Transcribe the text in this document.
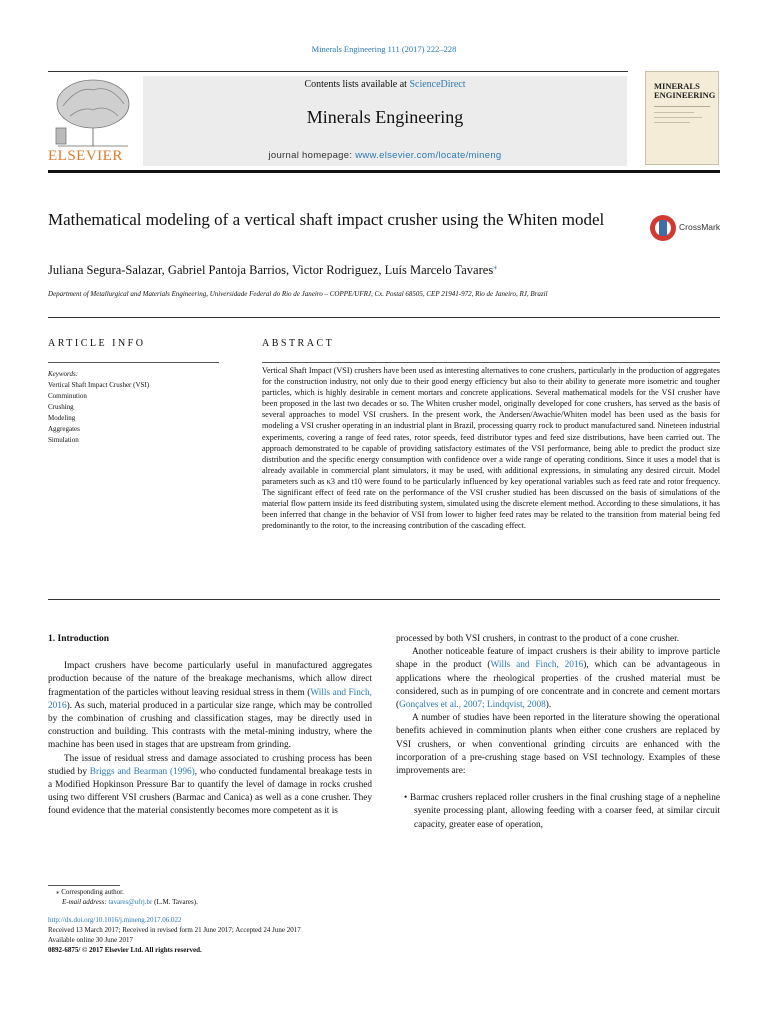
Minerals Engineering 111 (2017) 222–228
ELSEVIER
Contents lists available at ScienceDirect
Minerals Engineering
journal homepage: www.elsevier.com/locate/mineng
MINERALS ENGINEERING
Mathematical modeling of a vertical shaft impact crusher using the Whiten model	CrossMark
Juliana Segura-Salazar, Gabriel Pantoja Barrios, Victor Rodriguez, Luís Marcelo Tavares⁎
Department of Metallurgical and Materials Engineering, Universidade Federal do Rio de Janeiro – COPPE/UFRJ, Cx. Postal 68505, CEP 21941-972, Rio de Janeiro, RJ, Brazil
ARTICLE INFO
Keywords:
Vertical Shaft Impact Crusher (VSI)
Comminution
Crushing
Modeling
Aggregates
Simulation
ABSTRACT
Vertical Shaft Impact (VSI) crushers have been used as interesting alternatives to cone crushers, particularly in the production of aggregates for the construction industry, not only due to their good energy efficiency but also to their ability to generate more isometric and tougher particles, which is highly desirable in cement mortars and concrete applications. Several mathematical models for the VSI crusher have been proposed in the last two decades or so. The Whiten crusher model, originally developed for cone crushers, has served as the basis of several approaches to model VSI crushers. In the present work, the Andersen/Awachie/Whiten model has been used as the basis for modeling a VSI crusher operating in an industrial plant in Brazil, processing quarry rock to product manufactured sand. Nineteen industrial experiments, covering a range of feed rates, rotor speeds, feed distributor types and feed size distributions, have been carried out. The approach demonstrated to be capable of providing satisfactory estimates of the VSI performance, being able to predict the product size distribution and the specific energy consumption with confidence over a wide range of operating conditions. Since it uses a model that is already available in commercial plant simulators, it may be used, with additional expressions, in simulating any desired circuit. Model parameters such as κ3 and t10 were found to be particularly influenced by key operational variables such as feed rate and rotor frequency. The significant effect of feed rate on the performance of the VSI crusher studied has been discussed on the basis of simulations of the material flow pattern inside its feed distributing system, simulated using the discrete element method. According to these simulations, it has been inferred that change in the behavior of VSI from lower to higher feed rates may be related to the transition from material being fed predominantly to the rotor, to the increasing contribution of the cascading effect.
1. Introduction

Impact crushers have become particularly useful in manufactured aggregates production because of the nature of the breakage mechanisms, which allow direct fragmentation of the particles without leaving residual stress in them (Wills and Finch, 2016). As such, material produced in a particular size range, which may be controlled by the combination of crushing and classification stages, may be directly used in construction and building. This contrasts with the metal-mining industry, where the machine has been used in stages that are upstream from grinding.

The issue of residual stress and damage associated to crushing process has been studied by Briggs and Bearman (1996), who conducted fundamental breakage tests in a Modified Hopkinson Pressure Bar to quantify the level of damage in rocks crushed using two different VSI crushers (Barmac and Canica) as well as a cone crusher. They found evidence that the material consistently becomes more competent as it is

processed by both VSI crushers, in contrast to the product of a cone crusher.

Another noticeable feature of impact crushers is their ability to improve particle shape in the product (Wills and Finch, 2016), which can be advantageous in applications where the rheological properties of the crushed material must be considered, such as in pumping of ore concentrate and in concrete and cement mortars (Gonçalves et al., 2007; Lindqvist, 2008).

A number of studies have been reported in the literature showing the operational benefits achieved in comminution plants when either cone crushers are replaced by VSI crushers, or when conventional grinding circuits are enhanced with the incorporation of a pre-crushing stage based on VSI technology. Examples of these improvements are:

• Barmac crushers replaced roller crushers in the final crushing stage of a nepheline syenite processing plant, allowing feeding with a coarser feed, at similar circuit capacity, greater ease of operation,
⁎ Corresponding author.
E-mail address: tavares@ufrj.br (L.M. Tavares).
http://dx.doi.org/10.1016/j.mineng.2017.06.022
Received 13 March 2017; Received in revised form 21 June 2017; Accepted 24 June 2017
Available online 30 June 2017
0892-6875/ © 2017 Elsevier Ltd. All rights reserved.
